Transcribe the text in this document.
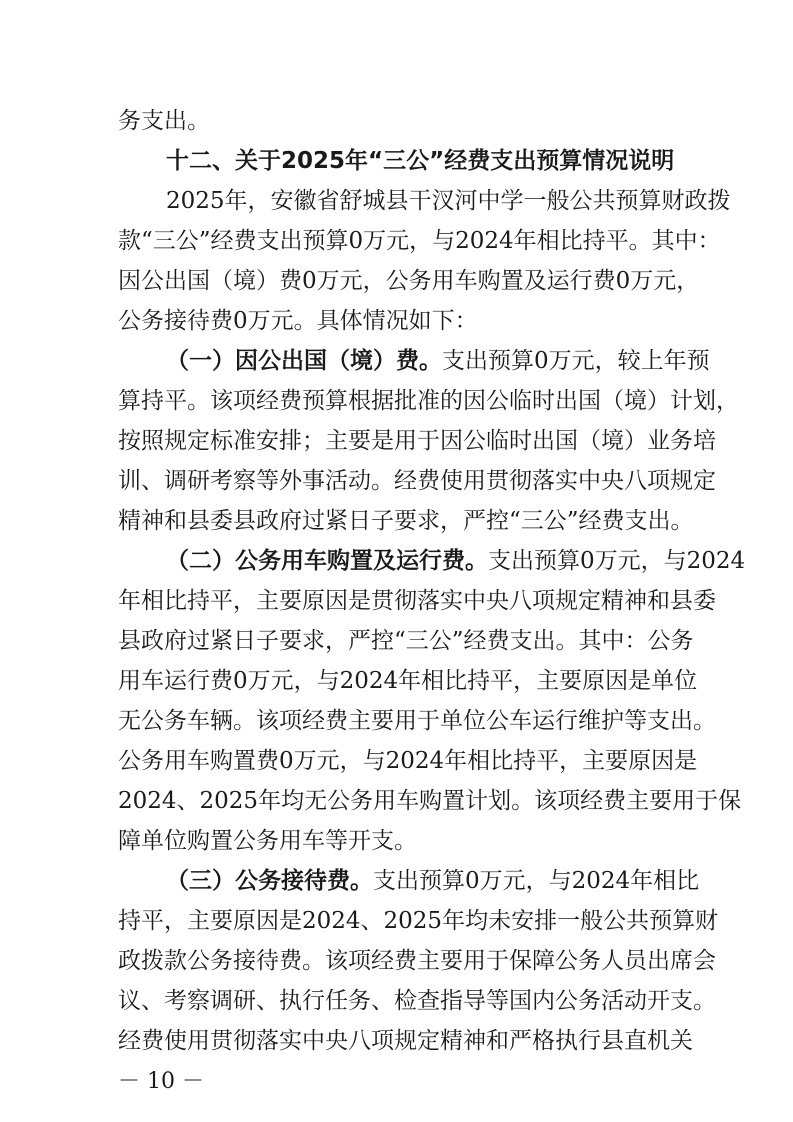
务支出。
十二、关于2025年“三公”经费支出预算情况说明
2025年，安徽省舒城县干汊河中学一般公共预算财政拨
款“三公”经费支出预算0万元，与2024年相比持平。其中：
因公出国（境）费0万元，公务用车购置及运行费0万元，
公务接待费0万元。具体情况如下：
（一）因公出国（境）费。支出预算0万元，较上年预
算持平。该项经费预算根据批准的因公临时出国（境）计划，
按照规定标准安排；主要是用于因公临时出国（境）业务培
训、调研考察等外事活动。经费使用贯彻落实中央八项规定
精神和县委县政府过紧日子要求，严控“三公”经费支出。
（二）公务用车购置及运行费。支出预算0万元，与2024
年相比持平，主要原因是贯彻落实中央八项规定精神和县委
县政府过紧日子要求，严控“三公”经费支出。其中：公务
用车运行费0万元，与2024年相比持平，主要原因是单位
无公务车辆。该项经费主要用于单位公车运行维护等支出。
公务用车购置费0万元，与2024年相比持平，主要原因是
2024、2025年均无公务用车购置计划。该项经费主要用于保
障单位购置公务用车等开支。
（三）公务接待费。支出预算0万元，与2024年相比
持平，主要原因是2024、2025年均未安排一般公共预算财
政拨款公务接待费。该项经费主要用于保障公务人员出席会
议、考察调研、执行任务、检查指导等国内公务活动开支。
经费使用贯彻落实中央八项规定精神和严格执行县直机关
－ 10 －
